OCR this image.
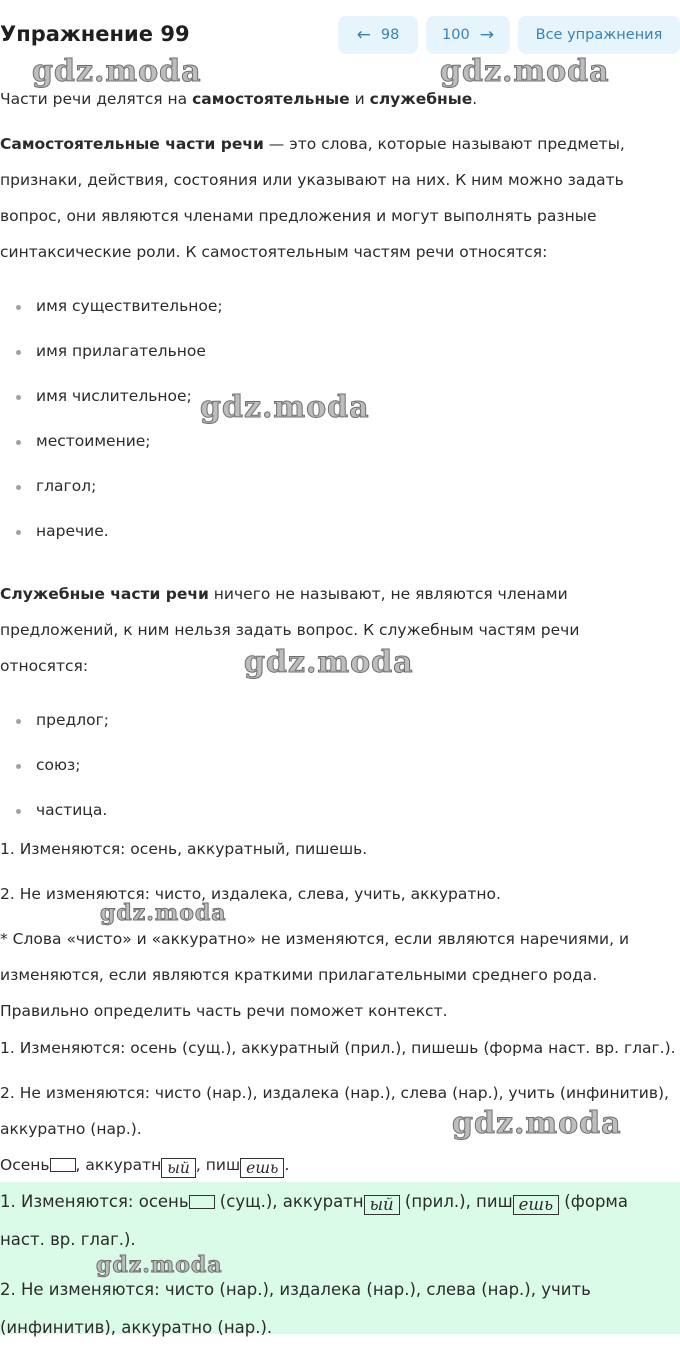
Упражнение 99	← 98	100 →	Все упражнения
Части речи делятся на самостоятельные и служебные.
Самостоятельные части речи — это слова, которые называют предметы,
признаки, действия, состояния или указывают на них. К ним можно задать
вопрос, они являются членами предложения и могут выполнять разные
синтаксические роли. К самостоятельным частям речи относятся:
имя существительное;
имя прилагательное
имя числительное;
местоимение;
глагол;
наречие.
Служебные части речи ничего не называют, не являются членами
предложений, к ним нельзя задать вопрос. К служебным частям речи
относятся:
предлог;
союз;
частица.
1. Изменяются: осень, аккуратный, пишешь.
2. Не изменяются: чисто, издалека, слева, учить, аккуратно.
* Слова «чисто» и «аккуратно» не изменяются, если являются наречиями, и
изменяются, если являются краткими прилагательными среднего рода.
Правильно определить часть речи поможет контекст.
1. Изменяются: осень (сущ.), аккуратный (прил.), пишешь (форма наст. вр. глаг.).
2. Не изменяются: чисто (нар.), издалека (нар.), слева (нар.), учить (инфинитив),
аккуратно (нар.).
Осень , аккуратн ый , пиш ешь .
1. Изменяются: осень (сущ.), аккуратн ый (прил.), пиш ешь (форма
наст. вр. глаг.).
2. Не изменяются: чисто (нар.), издалека (нар.), слева (нар.), учить
(инфинитив), аккуратно (нар.).
gdz.moda	gdz.moda
gdz.moda
gdz.moda
gdz.moda
gdz.moda
gdz.moda
